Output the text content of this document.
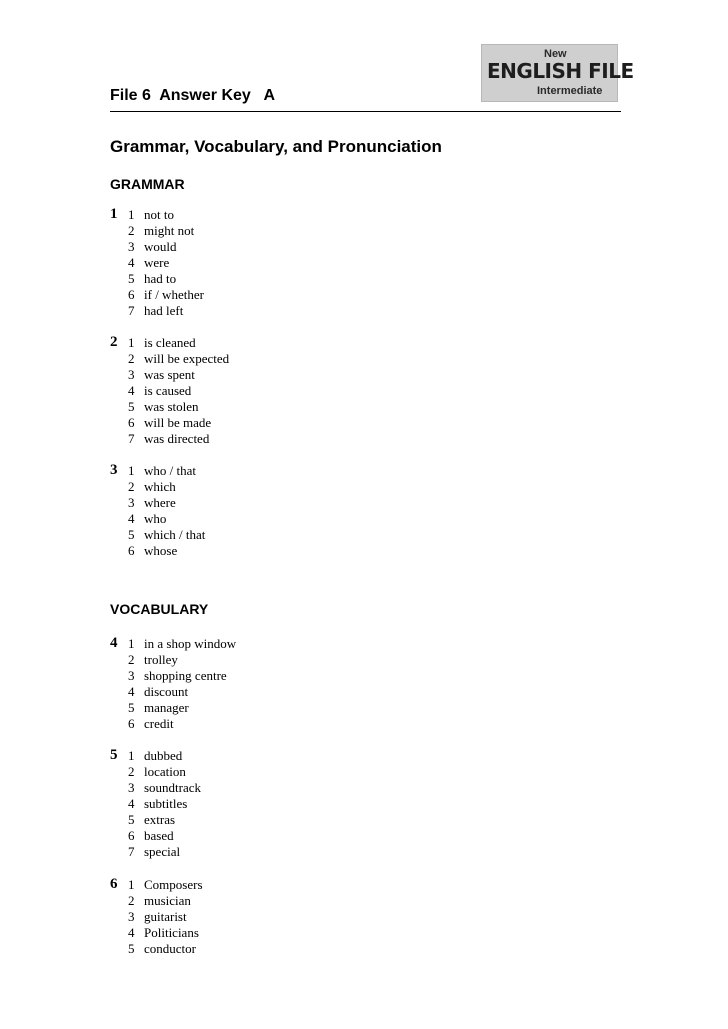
New
ENGLISH FILE
Intermediate
File 6  Answer Key   A
Grammar, Vocabulary, and Pronunciation
GRAMMAR
1 1 not to
2 might not
3 would
4 were
5 had to
6 if / whether
7 had left
2 1 is cleaned
2 will be expected
3 was spent
4 is caused
5 was stolen
6 will be made
7 was directed
3 1 who / that
2 which
3 where
4 who
5 which / that
6 whose
VOCABULARY
4 1 in a shop window
2 trolley
3 shopping centre
4 discount
5 manager
6 credit
5 1 dubbed
2 location
3 soundtrack
4 subtitles
5 extras
6 based
7 special
6 1 Composers
2 musician
3 guitarist
4 Politicians
5 conductor
